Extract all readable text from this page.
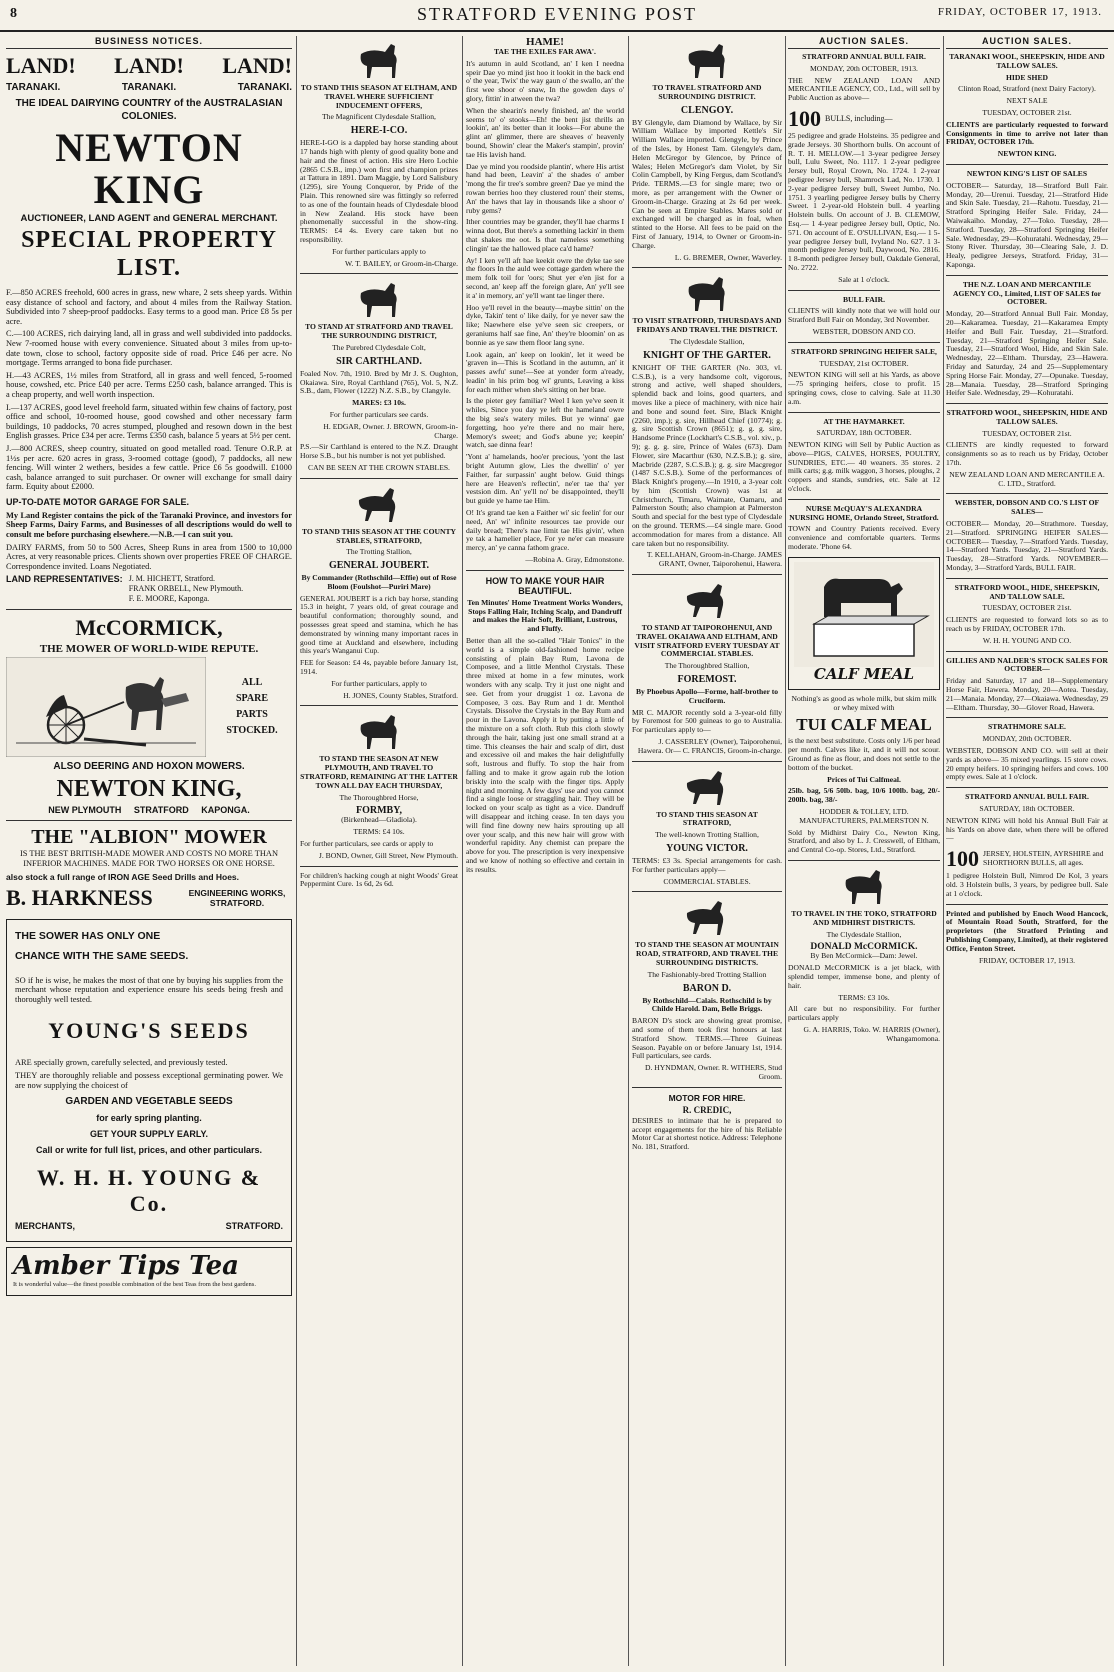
8	STRATFORD EVENING POST	FRIDAY, OCTOBER 17, 1913.
BUSINESS NOTICES.
LAND! LAND! LAND!
TARANAKI.	TARANAKI.	TARANAKI.
THE IDEAL DAIRYING COUNTRY of the AUSTRALASIAN COLONIES.
NEWTON KING
AUCTIONEER, LAND AGENT and GENERAL MERCHANT.
SPECIAL PROPERTY LIST.

F.—850 ACRES freehold, 600 acres in grass, new whare, 2 sets sheep yards. Within easy distance of school and factory, and about 4 miles from the Railway Station. Subdivided into 7 sheep-proof paddocks. Easy terms to a good man. Price £8 5s per acre.

C.—100 ACRES, rich dairying land, all in grass and well subdivided into paddocks. New 7-roomed house with every convenience. Situated about 3 miles from up-to-date town, close to school, factory opposite side of road. Price £46 per acre. No mortgage. Terms arranged to bona fide purchaser.

H.—43 ACRES, 1½ miles from Stratford, all in grass and well fenced, 5-roomed house, cowshed, etc. Price £40 per acre. Terms £250 cash, balance arranged. This is a cheap property, and well worth inspection.

I.—137 ACRES, good level freehold farm, situated within few chains of factory, post office and school, 10-roomed house, good cowshed and other necessary farm buildings, 10 paddocks, 70 acres stumped, ploughed and resown down in the best English grasses. Price £34 per acre. Terms £350 cash, balance 5 years at 5½ per cent.

J.—800 ACRES, sheep country, situated on good metalled road. Tenure O.R.P. at 1½s per acre. 620 acres in grass, 3-roomed cottage (good), 7 paddocks, all new fencing. Will winter 2 wethers, besides a few cattle. Price £6 5s goodwill. £1000 cash, balance arranged to suit purchaser. Or owner will exchange for small dairy farm. Equity about £2000.

UP-TO-DATE MOTOR GARAGE FOR SALE.

My Land Register contains the pick of the Taranaki Province, and investors for Sheep Farms, Dairy Farms, and Businesses of all descriptions would do well to consult me before purchasing elsewhere.—N.B.—I can suit you.

DAIRY FARMS, from 50 to 500 Acres, Sheep Runs in area from 1500 to 10,000 Acres, at very reasonable prices. Clients shown over properties FREE OF CHARGE. Correspondence invited. Loans Negotiated.

LAND REPRESENTATIVES: J. M. HICHETT, Stratford.
FRANK ORBELL, New Plymouth.
F. E. MOORE, Kaponga.
McCORMICK,
THE MOWER OF WORLD-WIDE REPUTE.
ALL
SPARE
PARTS
STOCKED.
ALSO DEERING AND HOXON MOWERS.
NEWTON KING,
NEW PLYMOUTH     STRATFORD     KAPONGA.
THE "ALBION" MOWER

IS THE BEST BRITISH-MADE MOWER AND COSTS NO MORE THAN INFERIOR MACHINES. MADE FOR TWO HORSES OR ONE HORSE.

also stock a full range of IRON AGE Seed Drills and Hoes.
B. HARKNESS	ENGINEERING WORKS, STRATFORD.
THE SOWER HAS ONLY ONE
CHANCE WITH THE SAME SEEDS.

SO if he is wise, he makes the most of that one by buying his supplies from the merchant whose reputation and experience ensure his seeds being fresh and thoroughly well tested.

YOUNG'S SEEDS

ARE specially grown, carefully selected, and previously tested.

THEY are thoroughly reliable and possess exceptional germinating power. We are now supplying the choicest of

GARDEN AND VEGETABLE SEEDS
for early spring planting.
GET YOUR SUPPLY EARLY.
Call or write for full list, prices, and other particulars.
W. H. H. YOUNG & Co.
MERCHANTS,	STRATFORD.
Amber Tips Tea

It is wonderful value—the finest possible combination of the best Teas from the best gardens.

TO STAND THIS SEASON AT ELTHAM, AND TRAVEL WHERE SUFFICIENT INDUCEMENT OFFERS,

The Magnificent Clydesdale Stallion,

HERE-I-CO.

HERE-I-GO is a dappled bay horse standing about 17 hands high with plenty of good quality bone and hair and the finest of action. His sire Hero Lochie (2865 C.S.B., imp.) won first and champion prizes at Tattura in 1891. Dam Maggie, by Lord Salisbury (1295), sire Young Conqueror, by Pride of the Plain. This renowned sire was fittingly so referred to as one of the fountain heads of Clydesdale blood in New Zealand. His stock have been phenomenally successful in the show-ring. TERMS: £4 4s. Every care taken but no responsibility.

For further particulars apply to

W. T. BAILEY, or Groom-in-Charge.

TO STAND AT STRATFORD AND TRAVEL THE SURROUNDING DISTRICT,

The Purebred Clydesdale Colt,

SIR CARTHLAND.

Foaled Nov. 7th, 1910. Bred by Mr J. S. Oughton, Okaiawa. Sire, Royal Carthland (765), Vol. 5, N.Z. S.B., dam, Flower (1222) N.Z. S.B., by Clangyle.

MARES: £3 10s.

For further particulars see cards.

H. EDGAR, Owner. J. BROWN, Groom-in-Charge.

P.S.—Sir Carthland is entered to the N.Z. Draught Horse S.B., but his number is not yet published.

CAN BE SEEN AT THE CROWN STABLES.

TO STAND THIS SEASON AT THE COUNTY STABLES, STRATFORD,

The Trotting Stallion,

GENERAL JOUBERT.

By Commander (Rothschild—Effie) out of Rose Bloom (Foulshot—Puriri Mare)

GENERAL JOUBERT is a rich bay horse, standing 15.3 in height, 7 years old, of great courage and beautiful conformation; thoroughly sound, and possesses great speed and stamina, which he has demonstrated by winning many important races in good time at Auckland and elsewhere, including this year's Wanganui Cup.

FEE for Season: £4 4s, payable before January 1st, 1914.

For further particulars, apply to

H. JONES, County Stables, Stratford.

TO STAND THE SEASON AT NEW PLYMOUTH, AND TRAVEL TO STRATFORD, REMAINING AT THE LATTER TOWN ALL DAY EACH THURSDAY,

The Thoroughbred Horse,

FORMBY,

(Birkenhead—Gladiola).

TERMS: £4 10s.

For further particulars, see cards or apply to

J. BOND, Owner, Gill Street, New Plymouth.

For children's hacking cough at night Woods' Great Peppermint Cure. 1s 6d, 2s 6d.

HAME!

TAE THE EXILES FAR AWA'.

It's autumn in auld Scotland, an' I ken I needna speir Dae yo mind jist hoo it lookit in the back end o' the year, Twix' the way gaun o' the swallo, an' the first wee shoor o' snaw, In the gowden days o' glory, fittin' in atween the twa?

When the shearin's newly finished, an' the world seems to' o' stooks—Eh! the bent jist thrills an lookin', an' its better than it looks—For abune the glint an' glimmer, there are sheaves o' heavenly bound, Showin' clear the Maker's stampin', provin' tae His lavish hand.

Dae ye mind you roodside plantin', where His artist hand had been, Leavin' a' the shades o' amber 'mong the fir tree's sombre green? Dae ye mind the rowan berries hoo they clustered roun' their stems, An' the haws that lay in thousands like a shoor o' ruby gems?

Ither countries may be grander, they'll hae charms I winna doot, But there's a something lackin' in them that shakes me oot. Is that nameless something clingin' tae the hallowed place ca'd hame?

Ay! I ken ye'll aft hae keekit owre the dyke tae see the floors In the auld wee cottage garden where the mem folk toil for 'oors; Shut yer e'en jist for a second, an' keep aff the foreign glare, An' ye'll see it a' in memory, an' ye'll want tae linger there.

Hoo ye'll revel in the beauty—maybe sittin' on the dyke, Takin' tent o' like daily, for ye never saw the like; Naewhere else ye've seen sic creepers, or geraniums half sae fine, An' they're bloomin' on as bonnie as ye saw them floor lang syne.

Look again, an' keep on lookin', let it weed be 'graven in—This is Scotland in the autumn, an' it passes awfu' sune!—See at yonder form a'ready, leadin' in his prim bog wi' grunts, Leaving a kiss for each mither when she's sitting on her brae.

Is the pieter gey familiar? Weel I ken ye've seen it whiles, Since you day ye left the hameland owre the big sea's watery miles. But ye winna' gae forgetting, hoo ye're there and no mair here, Memory's sweet; and God's abune ye; keepin' watch, sae dinna fear!

'Yont a' hamelands, hoo'er precious, 'yont the last bright Autumn glow, Lies the dwellin' o' yer Faither, far surpassin' aught below. Guid things here are Heaven's reflectin', ne'er tae tha' yer vestsion dim. An' ye'll no' be disappointed, they'll but guide ye hame tae Him.

O! It's grand tae ken a Faither wi' sic feelin' for our need, An' wi' infinite resources tae provide our daily bread; There's nae limit tae His givin', when ye tak a hamelier place, For ye ne'er can measure mercy, an' ye canna fathom grace.

—Robina A. Gray, Edmonstone.

HOW TO MAKE YOUR HAIR BEAUTIFUL.

Ten Minutes' Home Treatment Works Wonders, Stops Falling Hair, Itching Scalp, and Dandruff and makes the Hair Soft, Brilliant, Lustrous, and Fluffy.

Better than all the so-called "Hair Tonics" in the world is a simple old-fashioned home recipe consisting of plain Bay Rum, Lavona de Composee, and a little Menthol Crystals. These three mixed at home in a few minutes, work wonders with any scalp. Try it just one night and see. Get from your druggist 1 oz. Lavona de Composee, 3 ozs. Bay Rum and 1 dr. Menthol Crystals. Dissolve the Crystals in the Bay Rum and pour in the Lavona. Apply it by putting a little of the mixture on a soft cloth. Rub this cloth slowly through the hair, taking just one small strand at a time. This cleanses the hair and scalp of dirt, dust and excessive oil and makes the hair delightfully soft, lustrous and fluffy. To stop the hair from falling and to make it grow again rub the lotion briskly into the scalp with the finger tips. Apply night and morning. A few days' use and you cannot find a single loose or straggling hair. They will be locked on your scalp as tight as a vice. Dandruff will disappear and itching cease. In ten days you will find fine downy new hairs sprouting up all over your scalp, and this new hair will grow with wonderful rapidity. Any chemist can prepare the above for you. The prescription is very inexpensive and we know of nothing so effective and certain in its results.

TO TRAVEL STRATFORD AND SURROUNDING DISTRICT.

CLENGOY.

BY Glengyle, dam Diamond by Wallace, by Sir William Wallace by imported Kettle's Sir William Wallace imported. Glengyle, by Prince of the Isles, by Honest Tam. Glengyle's dam, Helen McGregor by Glencoe, by Prince of Wales; Helen McGregor's dam Violet, by Sir Colin Campbell, by King Fergus, dam Scotland's Pride. TERMS.—£3 for single mare; two or more, as per arrangement with the Owner or Groom-in-Charge. Grazing at 2s 6d per week. Can be seen at Empire Stables. Mares sold or exchanged will be charged as in foal, when stinted to the Horse. All fees to be paid on the First of January, 1914, to Owner or Groom-in-Charge.

L. G. BREMER, Owner, Waverley.

TO VISIT STRATFORD, THURSDAYS AND FRIDAYS AND TRAVEL THE DISTRICT.

The Clydesdale Stallion,

KNIGHT OF THE GARTER.

KNIGHT OF THE GARTER (No. 303, vl. C.S.B.), is a very handsome colt, vigorous, strong and active, well shaped shoulders, splendid back and loins, good quarters, and moves like a piece of machinery, with nice hair and bone and sound feet. Sire, Black Knight (2260, imp.); g. sire, Hillhead Chief (10774); g. g. sire Scottish Crown (8651); g. g. g. sire, Handsome Prince (Lockhart's C.S.B., vol. xiv., p. 9); g. g. g. sire, Prince of Wales (673). Dam Flower, sire Macarthur (630, N.Z.S.B.); g. sire, Macbride (2287, S.C.S.B.); g. g. sire Macgregor (1487 S.C.S.B.). Some of the performances of Black Knight's progeny.—In 1910, a 3-year colt by him (Scottish Crown) was 1st at Christchurch, Timaru, Waimate, Oamaru, and Palmerston South; also champion at Palmerston South and special for the best type of Clydesdale on the ground. TERMS.—£4 single mare. Good accommodation for mares from a distance. All care taken but no responsibility.

T. KELLAHAN, Groom-in-Charge. JAMES GRANT, Owner, Taiporohenui, Hawera.

TO STAND AT TAIPOROHENUI, AND TRAVEL OKAIAWA AND ELTHAM, AND VISIT STRATFORD EVERY TUESDAY AT COMMERCIAL STABLES.

The Thoroughbred Stallion,

FOREMOST.

By Phoebus Apollo—Forme, half-brother to Cruciform.

MR C. MAJOR recently sold a 3-year-old filly by Foremost for 500 guineas to go to Australia. For particulars apply to—

J. CASSERLEY (Owner), Taiporohenui, Hawera. Or— C. FRANCIS, Groom-in-charge.

TO STAND THIS SEASON AT STRATFORD,

The well-known Trotting Stallion,

YOUNG VICTOR.

TERMS: £3 3s. Special arrangements for cash. For further particulars apply—

COMMERCIAL STABLES.

TO STAND THE SEASON AT MOUNTAIN ROAD, STRATFORD, AND TRAVEL THE SURROUNDING DISTRICTS.

The Fashionably-bred Trotting Stallion

BARON D.

By Rothschild—Calais. Rothschild is by Childe Harold. Dam, Belle Briggs.

BARON D's stock are showing great promise, and some of them took first honours at last Stratford Show. TERMS.—Three Guineas Season. Payable on or before January 1st, 1914. Full particulars, see cards.

D. HYNDMAN, Owner. R. WITHERS, Stud Groom.

MOTOR FOR HIRE.
R. CREDIC,

DESIRES to intimate that he is prepared to accept engagements for the hire of his Reliable Motor Car at shortest notice. Address: Telephone No. 181, Stratford.

AUCTION SALES.

STRATFORD ANNUAL BULL FAIR.

MONDAY, 20th OCTOBER, 1913.

THE NEW ZEALAND LOAN AND MERCANTILE AGENCY, CO., Ltd., will sell by Public Auction as above—

100 BULLS, including—

25 pedigree and grade Holsteins. 35 pedigree and grade Jerseys. 30 Shorthorn bulls. On account of R. T. H. MELLOW.—1 3-year pedigree Jersey bull, Lulu Sweet, No. 1117. 1 2-year pedigree Jersey bull, Royal Crown, No. 1724. 1 2-year pedigree Jersey bull, Shamrock Lad, No. 1730. 1 2-year pedigree Jersey bull, Sweet Jumbo, No. 1751. 3 yearling pedigree Jersey bulls by Cherry Sweet. 1 2-year-old Holstein bull. 4 yearling Holstein bulls. On account of J. B. CLEMOW, Esq.— 1 4-year pedigree Jersey bull, Optic, No. 571. On account of E. O'SULLIVAN, Esq.— 1 5-year pedigree Jersey bull, Ivyland No. 627. 1 3-month pedigree Jersey bull, Daywood, No. 2816. 1 8-month pedigree Jersey bull, Oakdale General, No. 2722.

Sale at 1 o'clock.

BULL FAIR.

CLIENTS will kindly note that we will hold our Stratford Bull Fair on Monday, 3rd November.

WEBSTER, DOBSON AND CO.

STRATFORD SPRINGING HEIFER SALE,

TUESDAY, 21st OCTOBER.

NEWTON KING will sell at his Yards, as above—75 springing heifers, close to profit. 15 springing cows, close to calving. Sale at 11.30 a.m.

AT THE HAYMARKET.

SATURDAY, 18th OCTOBER.

NEWTON KING will Sell by Public Auction as above—PIGS, CALVES, HORSES, POULTRY, SUNDRIES, ETC.— 40 weaners. 35 stores. 2 milk carts; g.g. milk waggon, 3 horses, ploughs, 2 coppers and stands, sundries, etc. Sale at 12 o'clock.

NURSE McQUAY'S ALEXANDRA NURSING HOME, Orlando Street, Stratford.

TOWN and Country Patients received. Every convenience and comfortable quarters. Terms moderate. 'Phone 64.

CALF MEAL

Nothing's as good as whole milk, but skim milk or whey mixed with

TUI CALF MEAL

is the next best substitute. Costs only 1/6 per head per month. Calves like it, and it will not scour. Ground as fine as flour, and does not settle to the bottom of the bucket.

Prices of Tui Calfmeal.

25lb. bag, 5/6 50lb. bag, 10/6 100lb. bag, 20/- 200lb. bag, 38/-

HODDER & TOLLEY, LTD. MANUFACTURERS, PALMERSTON N.

Sold by Midhirst Dairy Co., Newton King, Stratford, and also by L. J. Cresswell, of Eltham, and Central Co-op. Stores, Ltd., Stratford.

TO TRAVEL IN THE TOKO, STRATFORD AND MIDHIRST DISTRICTS.

The Clydesdale Stallion,

DONALD McCORMICK.

By Ben McCormick—Dam: Jewel.

DONALD McCORMICK is a jet black, with splendid temper, immense bone, and plenty of hair.

TERMS: £3 10s.

All care but no responsibility. For further particulars apply

G. A. HARRIS, Toko. W. HARRIS (Owner), Whangamomona.

AUCTION SALES.

TARANAKI WOOL, SHEEPSKIN, HIDE AND TALLOW SALES.

HIDE SHED

Clinton Road, Stratford (next Dairy Factory).

NEXT SALE

TUESDAY, OCTOBER 21st.

CLIENTS are particularly requested to forward Consignments in time to arrive not later than FRIDAY, OCTOBER 17th.

NEWTON KING.

NEWTON KING'S LIST OF SALES

OCTOBER— Saturday, 18—Stratford Bull Fair. Monday, 20—Urenui. Tuesday, 21—Stratford Hide and Skin Sale. Tuesday, 21—Rahotu. Tuesday, 21—Stratford Springing Heifer Sale. Friday, 24—Waiwakaiho. Monday, 27—Toko. Tuesday, 28—Stratford. Tuesday, 28—Stratford Springing Heifer Sale. Wednesday, 29—Kohuratahi. Wednesday, 29—Stony River. Thursday, 30—Clearing Sale, J. D. Healy, pedigree Jerseys, Stratford. Friday, 31—Kaponga.

THE N.Z. LOAN AND MERCANTILE AGENCY CO., Limited, LIST OF SALES for OCTOBER.

Monday, 20—Stratford Annual Bull Fair. Monday, 20—Kakaramea. Tuesday, 21—Kakaramea Empty Heifer and Bull Fair. Tuesday, 21—Stratford. Tuesday, 21—Stratford Springing Heifer Sale. Tuesday, 21—Stratford Wool, Hide, and Skin Sale. Wednesday, 22—Eltham. Thursday, 23—Hawera. Friday and Saturday, 24 and 25—Supplementary Spring Horse Fair. Monday, 27—Opunake. Tuesday, 28—Manaia. Tuesday, 28—Stratford Springing Heifer Sale. Wednesday, 29—Kohuratahi.

STRATFORD WOOL, SHEEPSKIN, HIDE AND TALLOW SALES.

TUESDAY, OCTOBER 21st.

CLIENTS are kindly requested to forward consignments so as to reach us by Friday, October 17th.

NEW ZEALAND LOAN AND MERCANTILE A. C. LTD., Stratford.

WEBSTER, DOBSON AND CO.'S LIST OF SALES—

OCTOBER— Monday, 20—Strathmore. Tuesday, 21—Stratford. SPRINGING HEIFER SALES— OCTOBER— Tuesday, 7—Stratford Yards. Tuesday, 14—Stratford Yards. Tuesday, 21—Stratford Yards. Tuesday, 28—Stratford Yards. NOVEMBER— Monday, 3—Stratford Yards, BULL FAIR.

STRATFORD WOOL, HIDE, SHEEPSKIN, AND TALLOW SALE.

TUESDAY, OCTOBER 21st.

CLIENTS are requested to forward lots so as to reach us by FRIDAY, OCTOBER 17th.

W. H. H. YOUNG AND CO.

GILLIES AND NALDER'S STOCK SALES FOR OCTOBER—

Friday and Saturday, 17 and 18—Supplementary Horse Fair, Hawera. Monday, 20—Aotea. Tuesday, 21—Manaia. Monday, 27—Okaiawa. Wednesday, 29—Eltham. Thursday, 30—Glover Road, Hawera.

STRATHMORE SALE.

MONDAY, 20th OCTOBER.

WEBSTER, DOBSON AND CO. will sell at their yards as above— 35 mixed yearlings. 15 store cows. 20 empty heifers. 10 springing heifers and cows. 100 empty ewes. Sale at 1 o'clock.

STRATFORD ANNUAL BULL FAIR.

SATURDAY, 18th OCTOBER.

NEWTON KING will hold his Annual Bull Fair at his Yards on above date, when there will be offered—

100 JERSEY, HOLSTEIN, AYRSHIRE and SHORTHORN BULLS, all ages.

1 pedigree Holstein Bull, Nimrod De Kol, 3 years old. 3 Holstein bulls, 3 years, by pedigree bull. Sale at 1 o'clock.

Printed and published by Enoch Wood Hancock, of Mountain Road South, Stratford, for the proprietors (the Stratford Printing and Publishing Company, Limited), at their registered Office, Fenton Street.

FRIDAY, OCTOBER 17, 1913.
